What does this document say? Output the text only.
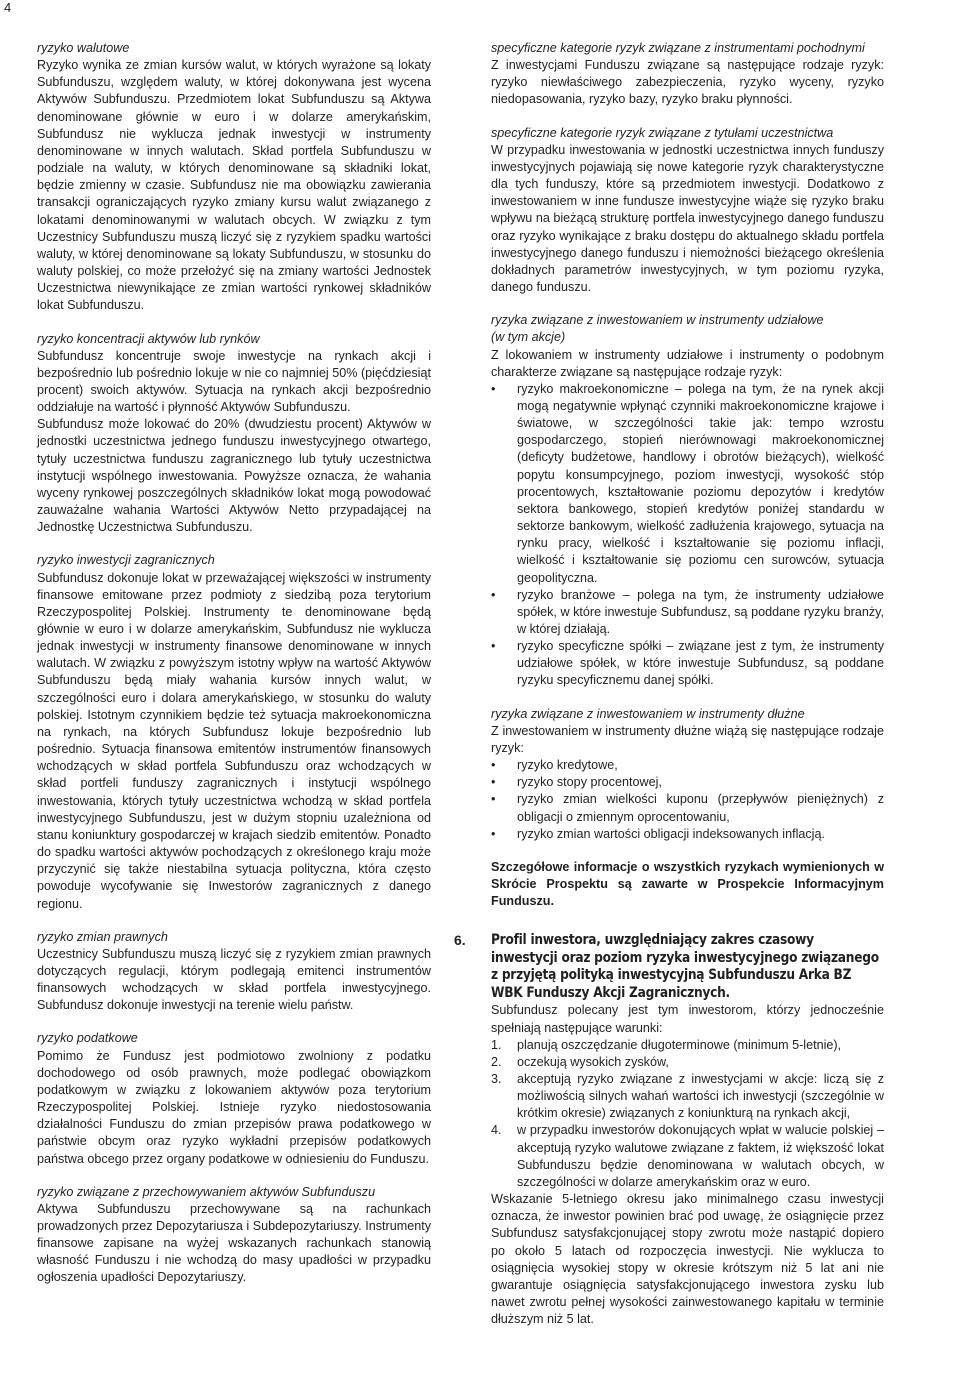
4
ryzyko walutowe
Ryzyko wynika ze zmian kursów walut, w których wyrażone są lokaty Subfunduszu, względem waluty, w której dokonywana jest wycena Aktywów Subfunduszu. Przedmiotem lokat Subfunduszu są Aktywa denominowane głównie w euro i w dolarze amerykańskim, Subfundusz nie wyklucza jednak inwestycji w instrumenty denominowane w innych walutach. Skład portfela Subfunduszu w podziale na waluty, w których denominowane są składniki lokat, będzie zmienny w czasie. Subfundusz nie ma obowiązku zawierania transakcji ograniczających ryzyko zmiany kursu walut związanego z lokatami denominowanymi w walutach obcych. W związku z tym Uczestnicy Subfunduszu muszą liczyć się z ryzykiem spadku wartości waluty, w której denominowane są lokaty Subfunduszu, w stosunku do waluty polskiej, co może przełożyć się na zmiany wartości Jednostek Uczestnictwa niewynikające ze zmian wartości rynkowej składników lokat Subfunduszu.
ryzyko koncentracji aktywów lub rynków
Subfundusz koncentruje swoje inwestycje na rynkach akcji i bezpośrednio lub pośrednio lokuje w nie co najmniej 50% (pięćdziesiąt procent) swoich aktywów. Sytuacja na rynkach akcji bezpośrednio oddziałuje na wartość i płynność Aktywów Subfunduszu.
Subfundusz może lokować do 20% (dwudziestu procent) Aktywów w jednostki uczestnictwa jednego funduszu inwestycyjnego otwartego, tytuły uczestnictwa funduszu zagranicznego lub tytuły uczestnictwa instytucji wspólnego inwestowania. Powyższe oznacza, że wahania wyceny rynkowej poszczególnych składników lokat mogą powodować zauważalne wahania Wartości Aktywów Netto przypadającej na Jednostkę Uczestnictwa Subfunduszu.
ryzyko inwestycji zagranicznych
Subfundusz dokonuje lokat w przeważającej większości w instrumenty finansowe emitowane przez podmioty z siedzibą poza terytorium Rzeczypospolitej Polskiej. Instrumenty te denominowane będą głównie w euro i w dolarze amerykańskim, Subfundusz nie wyklucza jednak inwestycji w instrumenty finansowe denominowane w innych walutach. W związku z powyższym istotny wpływ na wartość Aktywów Subfunduszu będą miały wahania kursów innych walut, w szczególności euro i dolara amerykańskiego, w stosunku do waluty polskiej. Istotnym czynnikiem będzie też sytuacja makroekonomiczna na rynkach, na których Subfundusz lokuje bezpośrednio lub pośrednio. Sytuacja finansowa emitentów instrumentów finansowych wchodzących w skład portfela Subfunduszu oraz wchodzących w skład portfeli funduszy zagranicznych i instytucji wspólnego inwestowania, których tytuły uczestnictwa wchodzą w skład portfela inwestycyjnego Subfunduszu, jest w dużym stopniu uzależniona od stanu koniunktury gospodarczej w krajach siedzib emitentów. Ponadto do spadku wartości aktywów pochodzących z określonego kraju może przyczynić się także niestabilna sytuacja polityczna, która często powoduje wycofywanie się Inwestorów zagranicznych z danego regionu.
ryzyko zmian prawnych
Uczestnicy Subfunduszu muszą liczyć się z ryzykiem zmian prawnych dotyczących regulacji, którym podlegają emitenci instrumentów finansowych wchodzących w skład portfela inwestycyjnego. Subfundusz dokonuje inwestycji na terenie wielu państw.
ryzyko podatkowe
Pomimo że Fundusz jest podmiotowo zwolniony z podatku dochodowego od osób prawnych, może podlegać obowiązkom podatkowym w związku z lokowaniem aktywów poza terytorium Rzeczypospolitej Polskiej. Istnieje ryzyko niedostosowania działalności Funduszu do zmian przepisów prawa podatkowego w państwie obcym oraz ryzyko wykładni przepisów podatkowych państwa obcego przez organy podatkowe w odniesieniu do Funduszu.
ryzyko związane z przechowywaniem aktywów Subfunduszu
Aktywa Subfunduszu przechowywane są na rachunkach prowadzonych przez Depozytariusza i Subdepozytariuszy. Instrumenty finansowe zapisane na wyżej wskazanych rachunkach stanowią własność Funduszu i nie wchodzą do masy upadłości w przypadku ogłoszenia upadłości Depozytariuszy.
specyficzne kategorie ryzyk związane z instrumentami pochodnymi
Z inwestycjami Funduszu związane są następujące rodzaje ryzyk: ryzyko niewłaściwego zabezpieczenia, ryzyko wyceny, ryzyko niedopasowania, ryzyko bazy, ryzyko braku płynności.
specyficzne kategorie ryzyk związane z tytułami uczestnictwa
W przypadku inwestowania w jednostki uczestnictwa innych funduszy inwestycyjnych pojawiają się nowe kategorie ryzyk charakterystyczne dla tych funduszy, które są przedmiotem inwestycji. Dodatkowo z inwestowaniem w inne fundusze inwestycyjne wiąże się ryzyko braku wpływu na bieżącą strukturę portfela inwestycyjnego danego funduszu oraz ryzyko wynikające z braku dostępu do aktualnego składu portfela inwestycyjnego danego funduszu i niemożności bieżącego określenia dokładnych parametrów inwestycyjnych, w tym poziomu ryzyka, danego funduszu.
ryzyka związane z inwestowaniem w instrumenty udziałowe
(w tym akcje)
Z lokowaniem w instrumenty udziałowe i instrumenty o podobnym charakterze związane są następujące rodzaje ryzyk:
• ryzyko makroekonomiczne – polega na tym, że na rynek akcji mogą negatywnie wpłynąć czynniki makroekonomiczne krajowe i światowe, w szczególności takie jak: tempo wzrostu gospodarczego, stopień nierównowagi makroekonomicznej (deficyty budżetowe, handlowy i obrotów bieżących), wielkość popytu konsumpcyjnego, poziom inwestycji, wysokość stóp procentowych, kształtowanie poziomu depozytów i kredytów sektora bankowego, stopień kredytów poniżej standardu w sektorze bankowym, wielkość zadłużenia krajowego, sytuacja na rynku pracy, wielkość i kształtowanie się poziomu inflacji, wielkość i kształtowanie się poziomu cen surowców, sytuacja geopolityczna.
• ryzyko branżowe – polega na tym, że instrumenty udziałowe spółek, w które inwestuje Subfundusz, są poddane ryzyku branży, w której działają.
• ryzyko specyficzne spółki – związane jest z tym, że instrumenty udziałowe spółek, w które inwestuje Subfundusz, są poddane ryzyku specyficznemu danej spółki.
ryzyka związane z inwestowaniem w instrumenty dłużne
Z inwestowaniem w instrumenty dłużne wiążą się następujące rodzaje ryzyk:
• ryzyko kredytowe,
• ryzyko stopy procentowej,
• ryzyko zmian wielkości kuponu (przepływów pieniężnych) z obligacji o zmiennym oprocentowaniu,
• ryzyko zmian wartości obligacji indeksowanych inflacją.
Szczegółowe informacje o wszystkich ryzykach wymienionych w Skrócie Prospektu są zawarte w Prospekcie Informacyjnym Funduszu.
6. Profil inwestora, uwzględniający zakres czasowy inwestycji oraz poziom ryzyka inwestycyjnego związanego z przyjętą polityką inwestycyjną Subfunduszu Arka BZ WBK Funduszy Akcji Zagranicznych.
Subfundusz polecany jest tym inwestorom, którzy jednocześnie spełniają następujące warunki:
1. planują oszczędzanie długoterminowe (minimum 5-letnie),
2. oczekują wysokich zysków,
3. akceptują ryzyko związane z inwestycjami w akcje: liczą się z możliwością silnych wahań wartości ich inwestycji (szczególnie w krótkim okresie) związanych z koniunkturą na rynkach akcji,
4. w przypadku inwestorów dokonujących wpłat w walucie polskiej – akceptują ryzyko walutowe związane z faktem, iż większość lokat Subfunduszu będzie denominowana w walutach obcych, w szczególności w dolarze amerykańskim oraz w euro.
Wskazanie 5-letniego okresu jako minimalnego czasu inwestycji oznacza, że inwestor powinien brać pod uwagę, że osiągnięcie przez Subfundusz satysfakcjonującej stopy zwrotu może nastąpić dopiero po około 5 latach od rozpoczęcia inwestycji. Nie wyklucza to osiągnięcia wysokiej stopy w okresie krótszym niż 5 lat ani nie gwarantuje osiągnięcia satysfakcjonującego inwestora zysku lub nawet zwrotu pełnej wysokości zainwestowanego kapitału w terminie dłuższym niż 5 lat.
